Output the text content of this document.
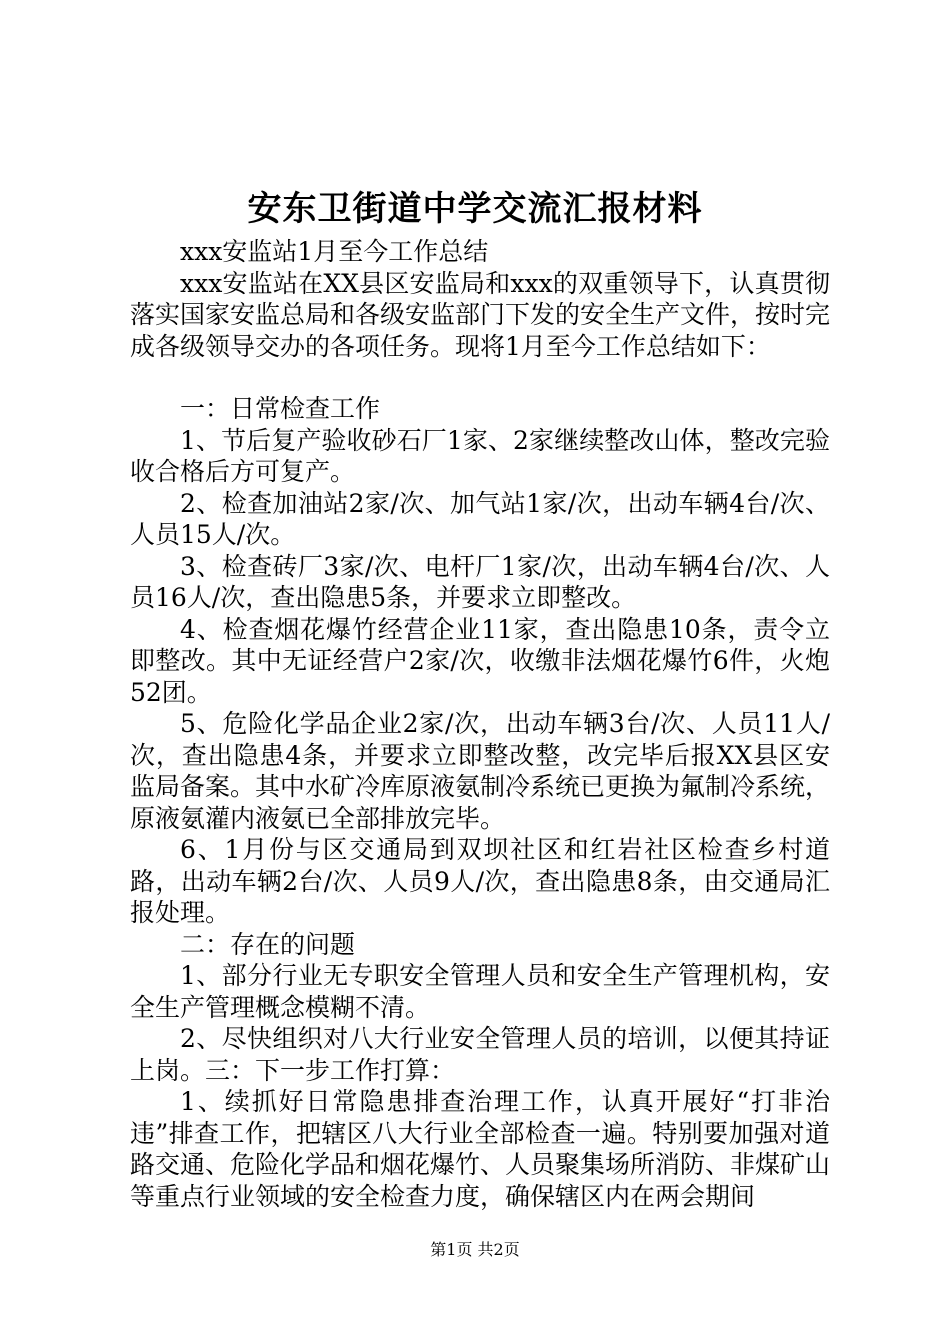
安东卫街道中学交流汇报材料

xxx安监站1月至今工作总结

xxx安监站在XX县区安监局和xxx的双重领导下，认真贯彻落实国家安监总局和各级安监部门下发的安全生产文件，按时完成各级领导交办的各项任务。现将1月至今工作总结如下：

一：日常检查工作

1、节后复产验收砂石厂1家、2家继续整改山体，整改完验收合格后方可复产。

2、检查加油站2家/次、加气站1家/次，出动车辆4台/次、人员15人/次。

3、检查砖厂3家/次、电杆厂1家/次，出动车辆4台/次、人员16人/次，查出隐患5条，并要求立即整改。

4、检查烟花爆竹经营企业11家，查出隐患10条，责令立即整改。其中无证经营户2家/次，收缴非法烟花爆竹6件，火炮52团。

5、危险化学品企业2家/次，出动车辆3台/次、人员11人/次，查出隐患4条，并要求立即整改整，改完毕后报XX县区安监局备案。其中水矿冷库原液氨制冷系统已更换为氟制冷系统，原液氨灌内液氨已全部排放完毕。

6、1月份与区交通局到双坝社区和红岩社区检查乡村道路，出动车辆2台/次、人员9人/次，查出隐患8条，由交通局汇报处理。

二：存在的问题

1、部分行业无专职安全管理人员和安全生产管理机构，安全生产管理概念模糊不清。

2、尽快组织对八大行业安全管理人员的培训，以便其持证上岗。三：下一步工作打算：

1、续抓好日常隐患排查治理工作，认真开展好“打非治违”排查工作，把辖区八大行业全部检查一遍。特别要加强对道路交通、危险化学品和烟花爆竹、人员聚集场所消防、非煤矿山等重点行业领域的安全检查力度，确保辖区内在两会期间

第1页 共2页
